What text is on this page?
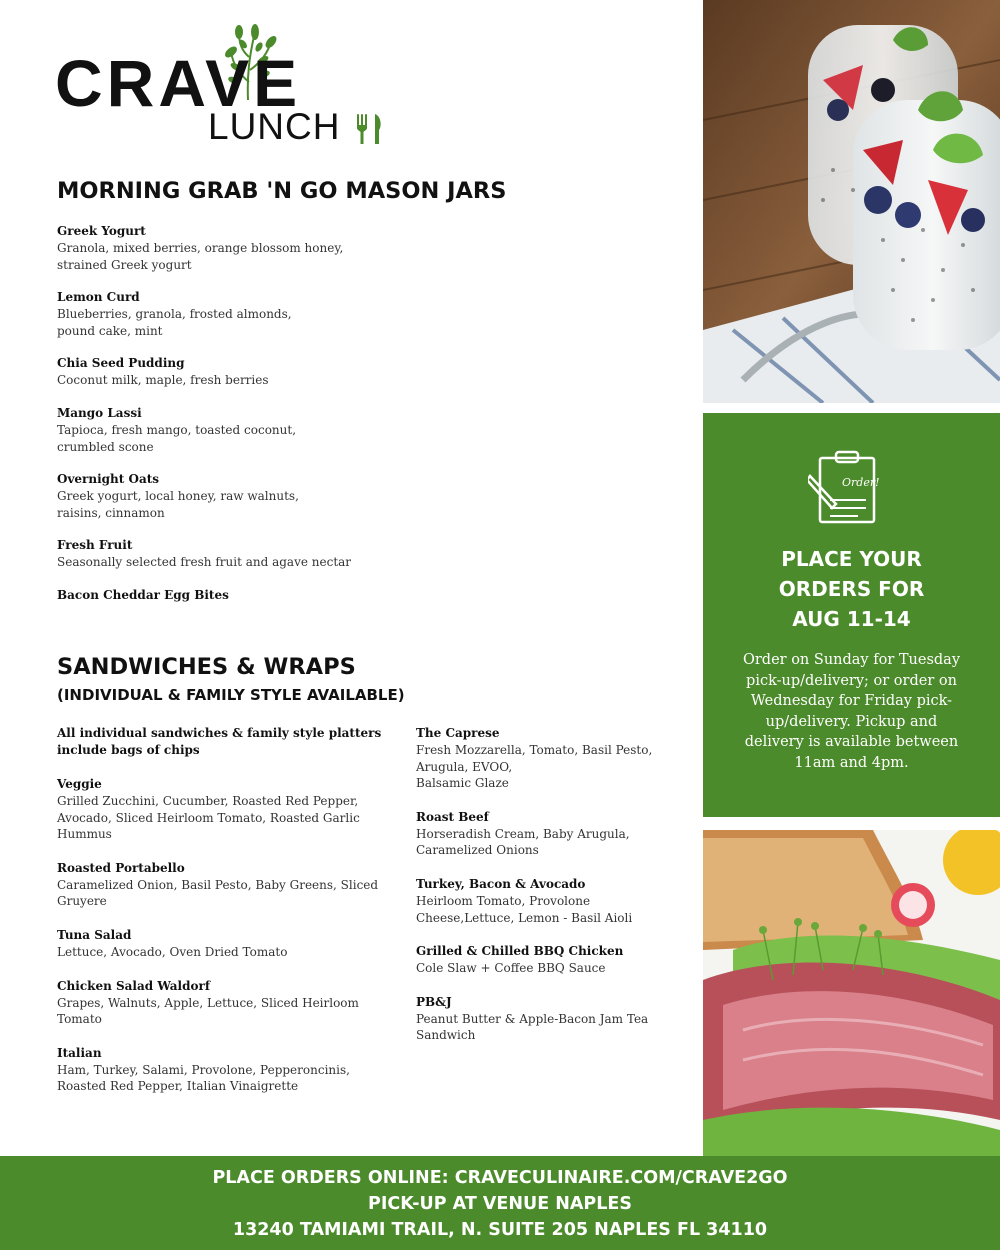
CRAVE
LUNCH
MORNING GRAB 'N GO MASON JARS
Greek Yogurt
Granola, mixed berries, orange blossom honey,
strained Greek yogurt
Lemon Curd
Blueberries, granola, frosted almonds,
pound cake, mint
Chia Seed Pudding
Coconut milk, maple, fresh berries
Mango Lassi
Tapioca, fresh mango, toasted coconut,
crumbled scone
Overnight Oats
Greek yogurt, local honey, raw walnuts,
raisins, cinnamon
Fresh Fruit
Seasonally selected fresh fruit and agave nectar
Bacon Cheddar Egg Bites
SANDWICHES & WRAPS
(INDIVIDUAL & FAMILY STYLE AVAILABLE)
All individual sandwiches & family style platters
include bags of chips
Veggie
Grilled Zucchini, Cucumber, Roasted Red Pepper,
Avocado, Sliced Heirloom Tomato, Roasted Garlic
Hummus
Roasted Portabello
Caramelized Onion, Basil Pesto, Baby Greens, Sliced
Gruyere
Tuna Salad
Lettuce, Avocado, Oven Dried Tomato
Chicken Salad Waldorf
Grapes, Walnuts, Apple, Lettuce, Sliced Heirloom
Tomato
Italian
Ham, Turkey, Salami, Provolone, Pepperoncinis,
Roasted Red Pepper, Italian Vinaigrette
The Caprese
Fresh Mozzarella, Tomato, Basil Pesto,
Arugula, EVOO,
Balsamic Glaze
Roast Beef
Horseradish Cream, Baby Arugula,
Caramelized Onions
Turkey, Bacon & Avocado
Heirloom Tomato, Provolone
Cheese,Lettuce, Lemon - Basil Aioli
Grilled & Chilled BBQ Chicken
Cole Slaw + Coffee BBQ Sauce
PB&J
Peanut Butter & Apple-Bacon Jam Tea
Sandwich
Order!
PLACE YOUR
ORDERS FOR
AUG 11-14
Order on Sunday for Tuesday pick-up/delivery; or order on Wednesday for Friday pick-up/delivery. Pickup and delivery is available between 11am and 4pm.
PLACE ORDERS ONLINE: CRAVECULINAIRE.COM/CRAVE2GO
PICK-UP AT VENUE NAPLES
13240 TAMIAMI TRAIL, N. SUITE 205 NAPLES FL 34110
